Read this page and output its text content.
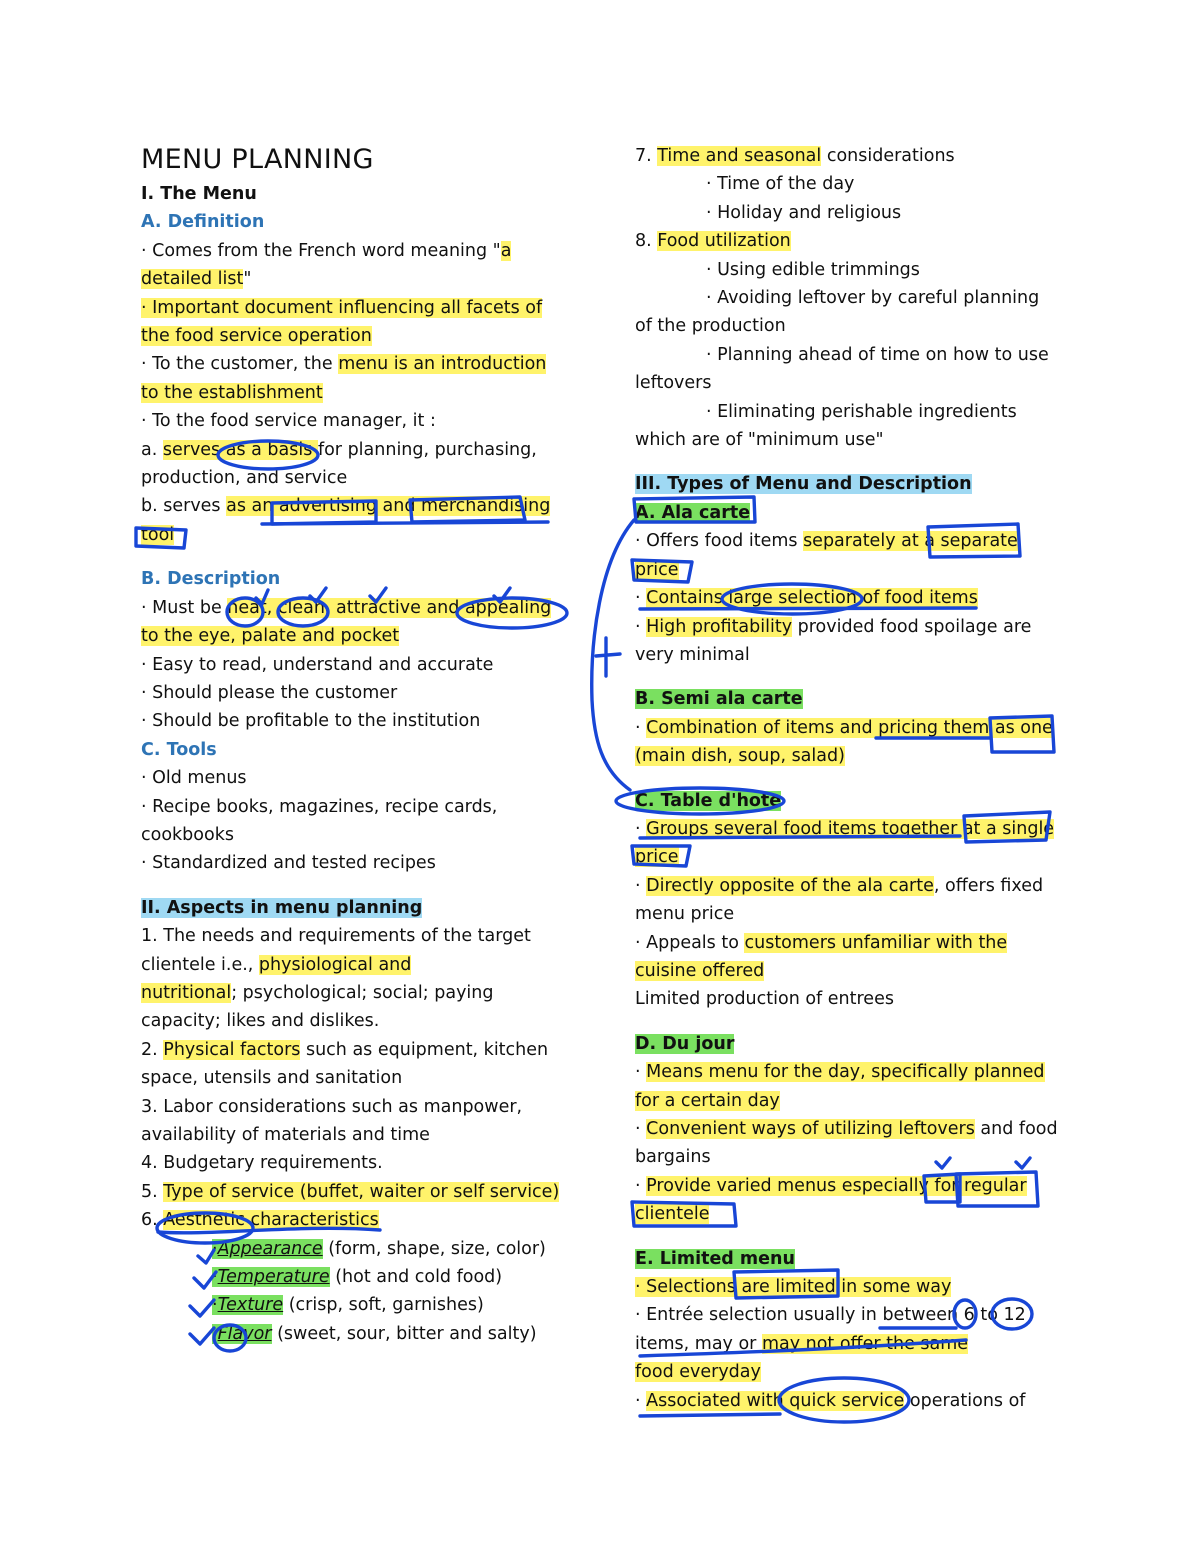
MENU PLANNING
I. The Menu
A. Definition
· Comes from the French word meaning "a
detailed list"
· Important document influencing all facets of
the food service operation
· To the customer, the menu is an introduction
to the establishment
· To the food service manager, it :
a. serves as a basis for planning, purchasing,
production, and service
b. serves as an advertising and merchandising
tool
B. Description
· Must be neat, clean, attractive and appealing
to the eye, palate and pocket
· Easy to read, understand and accurate
· Should please the customer
· Should be profitable to the institution
C. Tools
· Old menus
· Recipe books, magazines, recipe cards,
cookbooks
· Standardized and tested recipes
II. Aspects in menu planning
1. The needs and requirements of the target
clientele i.e., physiological and
nutritional; psychological; social; paying
capacity; likes and dislikes.
2. Physical factors such as equipment, kitchen
space, utensils and sanitation
3. Labor considerations such as manpower,
availability of materials and time
4. Budgetary requirements.
5. Type of service (buffet, waiter or self service)
6. Aesthetic characteristics
·Appearance (form, shape, size, color)
·Temperature (hot and cold food)
·Texture (crisp, soft, garnishes)
·Flavor (sweet, sour, bitter and salty)
7. Time and seasonal considerations
· Time of the day
· Holiday and religious
8. Food utilization
· Using edible trimmings
· Avoiding leftover by careful planning
of the production
· Planning ahead of time on how to use
leftovers
· Eliminating perishable ingredients
which are of "minimum use"
III. Types of Menu and Description
A. Ala carte
· Offers food items separately at a separate
price
· Contains large selection of food items
· High profitability provided food spoilage are
very minimal
B. Semi ala carte
· Combination of items and pricing them as one
(main dish, soup, salad)
C. Table d'hote
· Groups several food items together at a single
price
· Directly opposite of the ala carte, offers fixed
menu price
· Appeals to customers unfamiliar with the
cuisine offered
Limited production of entrees
D. Du jour
· Means menu for the day, specifically planned
for a certain day
· Convenient ways of utilizing leftovers and food
bargains
· Provide varied menus especially for regular
clientele
E. Limited menu
· Selections are limited in some way
· Entrée selection usually in between 6 to 12
items, may or may not offer the same
food everyday
· Associated with quick service operations of
